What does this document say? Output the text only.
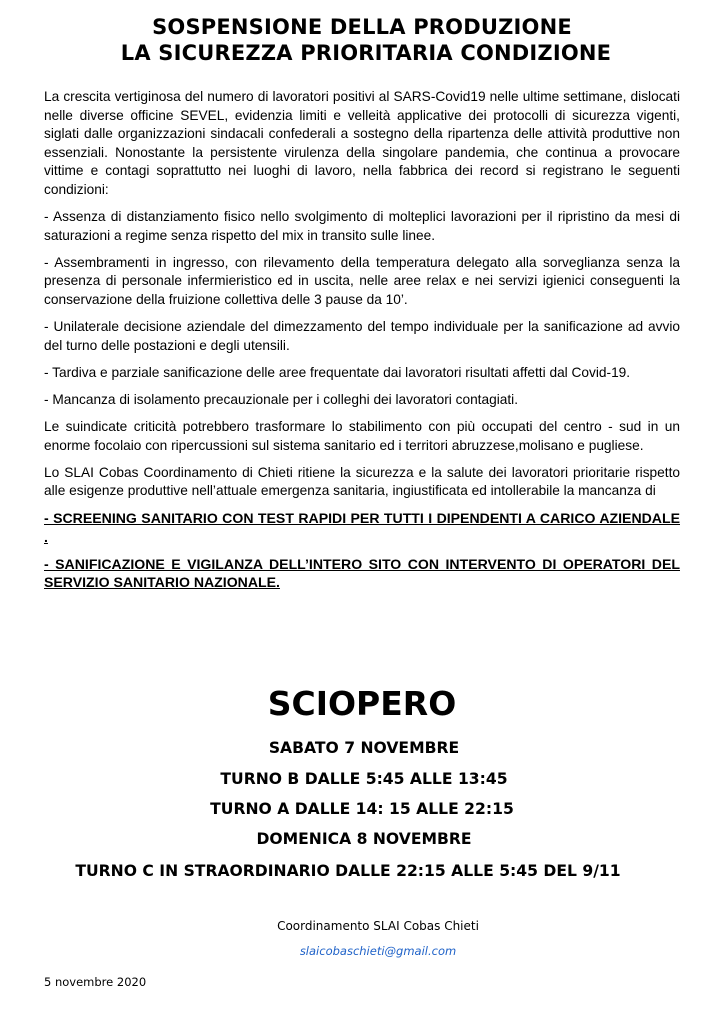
SOSPENSIONE DELLA PRODUZIONE
LA SICUREZZA PRIORITARIA CONDIZIONE

La crescita vertiginosa del numero di lavoratori positivi al SARS-Covid19 nelle ultime settimane, dislocati nelle diverse officine SEVEL, evidenzia limiti e velleità applicative dei protocolli di sicurezza vigenti, siglati dalle organizzazioni sindacali confederali a sostegno della ripartenza delle attività produttive non essenziali. Nonostante la persistente virulenza della singolare pandemia, che continua a provocare vittime e contagi soprattutto nei luoghi di lavoro, nella fabbrica dei record si registrano le seguenti condizioni:

- Assenza di distanziamento fisico nello svolgimento di molteplici lavorazioni per il ripristino da mesi di saturazioni a regime senza rispetto del mix in transito sulle linee.

- Assembramenti in ingresso, con rilevamento della temperatura delegato alla sorveglianza senza la presenza di personale infermieristico ed in uscita, nelle aree relax e nei servizi igienici conseguenti la conservazione della fruizione collettiva delle 3 pause da 10’.

- Unilaterale decisione aziendale del dimezzamento del tempo individuale per la sanificazione ad avvio del turno delle postazioni e degli utensili.

- Tardiva e parziale sanificazione delle aree frequentate dai lavoratori risultati affetti dal Covid-19.

- Mancanza di isolamento precauzionale per i colleghi dei lavoratori contagiati.

Le suindicate criticità potrebbero trasformare lo stabilimento con più occupati del centro - sud in un enorme focolaio con ripercussioni sul sistema sanitario ed i territori abruzzese,molisano e pugliese.

Lo SLAI Cobas Coordinamento di Chieti ritiene la sicurezza e la salute dei lavoratori prioritarie rispetto alle esigenze produttive nell’attuale emergenza sanitaria, ingiustificata ed intollerabile la mancanza di

- SCREENING SANITARIO CON TEST RAPIDI PER TUTTI I DIPENDENTI A CARICO AZIENDALE .

- SANIFICAZIONE E VIGILANZA DELL’INTERO SITO CON INTERVENTO DI OPERATORI DEL SERVIZIO SANITARIO NAZIONALE.

SCIOPERO
SABATO 7 NOVEMBRE
TURNO B DALLE 5:45 ALLE 13:45
TURNO A DALLE 14: 15 ALLE 22:15
DOMENICA 8 NOVEMBRE
TURNO C IN STRAORDINARIO DALLE 22:15 ALLE 5:45 DEL 9/11
Coordinamento SLAI Cobas Chieti
slaicobaschieti@gmail.com
5 novembre 2020
